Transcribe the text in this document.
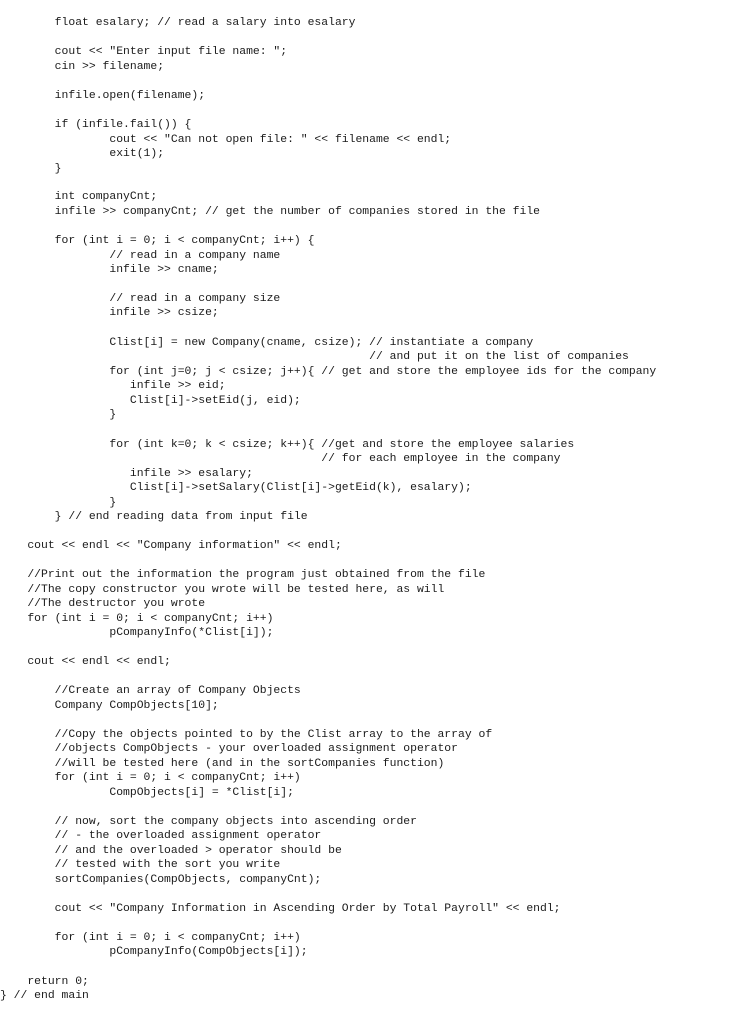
float esalary; // read a salary into esalary
cout << "Enter input file name: ";
cin >> filename;
infile.open(filename);
if (infile.fail()) {
cout << "Can not open file: " << filename << endl;
exit(1);
}
int companyCnt;
infile >> companyCnt; // get the number of companies stored in the file
for (int i = 0; i < companyCnt; i++) {
// read in a company name
infile >> cname;
// read in a company size
infile >> csize;
Clist[i] = new Company(cname, csize); // instantiate a company
// and put it on the list of companies
for (int j=0; j < csize; j++){ // get and store the employee ids for the company
infile >> eid;
Clist[i]->setEid(j, eid);
}
for (int k=0; k < csize; k++){ //get and store the employee salaries
// for each employee in the company
infile >> esalary;
Clist[i]->setSalary(Clist[i]->getEid(k), esalary);
}
} // end reading data from input file
cout << endl << "Company information" << endl;
//Print out the information the program just obtained from the file
//The copy constructor you wrote will be tested here, as will
//The destructor you wrote
for (int i = 0; i < companyCnt; i++)
pCompanyInfo(*Clist[i]);
cout << endl << endl;
//Create an array of Company Objects
Company CompObjects[10];
//Copy the objects pointed to by the Clist array to the array of
//objects CompObjects - your overloaded assignment operator
//will be tested here (and in the sortCompanies function)
for (int i = 0; i < companyCnt; i++)
CompObjects[i] = *Clist[i];
// now, sort the company objects into ascending order
// - the overloaded assignment operator
// and the overloaded > operator should be
// tested with the sort you write
sortCompanies(CompObjects, companyCnt);
cout << "Company Information in Ascending Order by Total Payroll" << endl;
for (int i = 0; i < companyCnt; i++)
pCompanyInfo(CompObjects[i]);
return 0;
} // end main
